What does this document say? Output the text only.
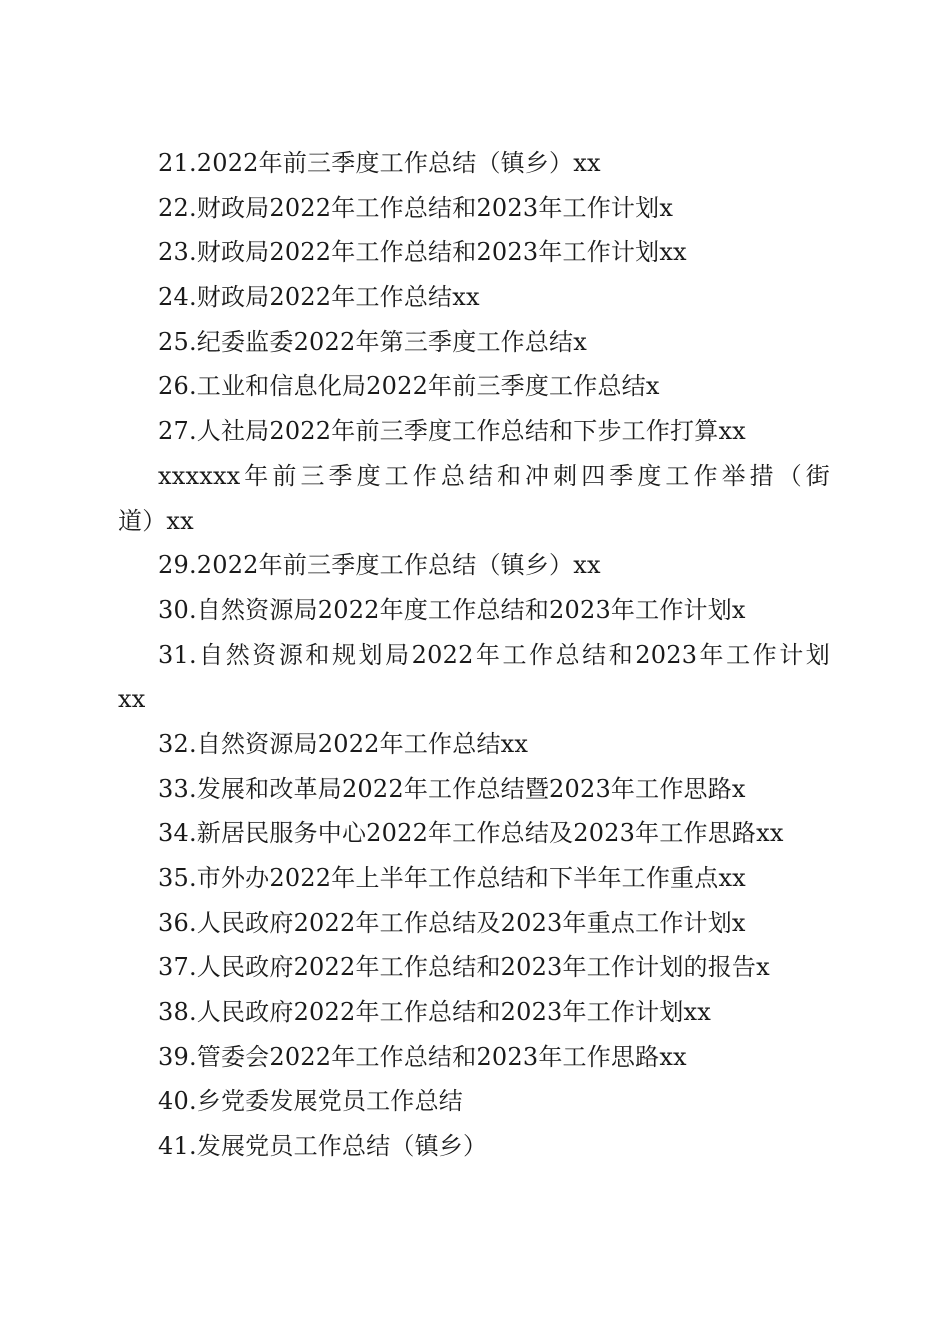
21.2022年前三季度工作总结（镇乡）xx
22.财政局2022年工作总结和2023年工作计划x
23.财政局2022年工作总结和2023年工作计划xx
24.财政局2022年工作总结xx
25.纪委监委2022年第三季度工作总结x
26.工业和信息化局2022年前三季度工作总结x
27.人社局2022年前三季度工作总结和下步工作打算xx
xxxxxx年前三季度工作总结和冲刺四季度工作举措（街
道）xx
29.2022年前三季度工作总结（镇乡）xx
30.自然资源局2022年度工作总结和2023年工作计划x
31.自然资源和规划局2022年工作总结和2023年工作计划
xx
32.自然资源局2022年工作总结xx
33.发展和改革局2022年工作总结暨2023年工作思路x
34.新居民服务中心2022年工作总结及2023年工作思路xx
35.市外办2022年上半年工作总结和下半年工作重点xx
36.人民政府2022年工作总结及2023年重点工作计划x
37.人民政府2022年工作总结和2023年工作计划的报告x
38.人民政府2022年工作总结和2023年工作计划xx
39.管委会2022年工作总结和2023年工作思路xx
40.乡党委发展党员工作总结
41.发展党员工作总结（镇乡）
